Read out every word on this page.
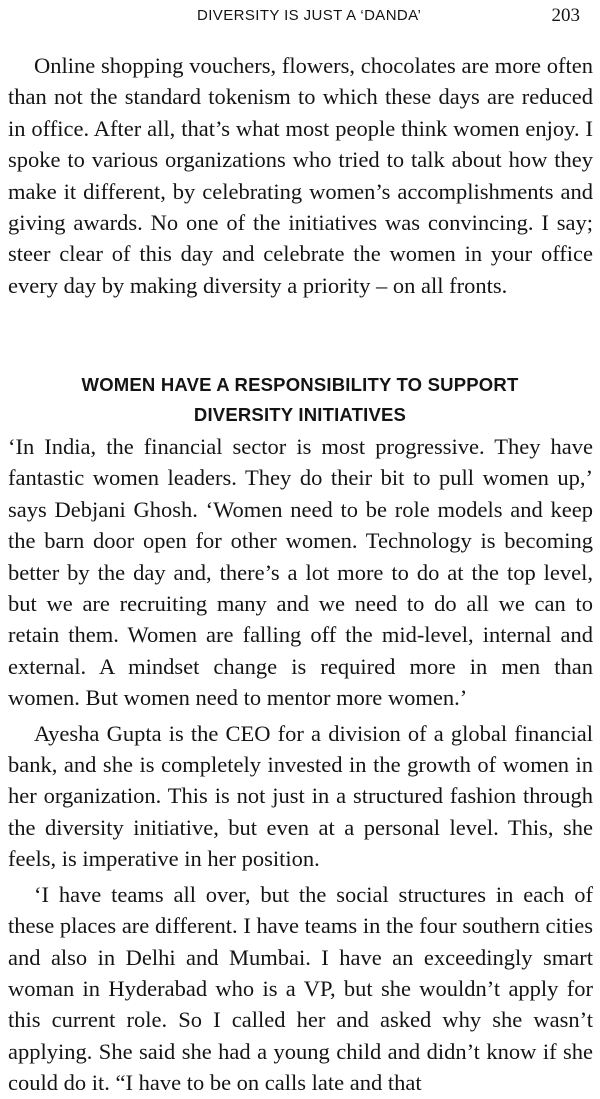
DIVERSITY IS JUST A ‘DANDA’	203

Online shopping vouchers, flowers, chocolates are more often than not the standard tokenism to which these days are reduced in office. After all, that’s what most people think women enjoy. I spoke to various organizations who tried to talk about how they make it different, by celebrating women’s accomplishments and giving awards. No one of the initiatives was convincing. I say; steer clear of this day and celebrate the women in your office every day by making diversity a priority – on all fronts.

WOMEN HAVE A RESPONSIBILITY TO SUPPORT
DIVERSITY INITIATIVES

‘In India, the financial sector is most progressive. They have fantastic women leaders. They do their bit to pull women up,’ says Debjani Ghosh. ‘Women need to be role models and keep the barn door open for other women. Technology is becoming better by the day and, there’s a lot more to do at the top level, but we are recruiting many and we need to do all we can to retain them. Women are falling off the mid-level, internal and external. A mindset change is required more in men than women. But women need to mentor more women.’

Ayesha Gupta is the CEO for a division of a global financial bank, and she is completely invested in the growth of women in her organization. This is not just in a structured fashion through the diversity initiative, but even at a personal level. This, she feels, is imperative in her position.

‘I have teams all over, but the social structures in each of these places are different. I have teams in the four southern cities and also in Delhi and Mumbai. I have an exceedingly smart woman in Hyderabad who is a VP, but she wouldn’t apply for this current role. So I called her and asked why she wasn’t applying. She said she had a young child and didn’t know if she could do it. “I have to be on calls late and that
